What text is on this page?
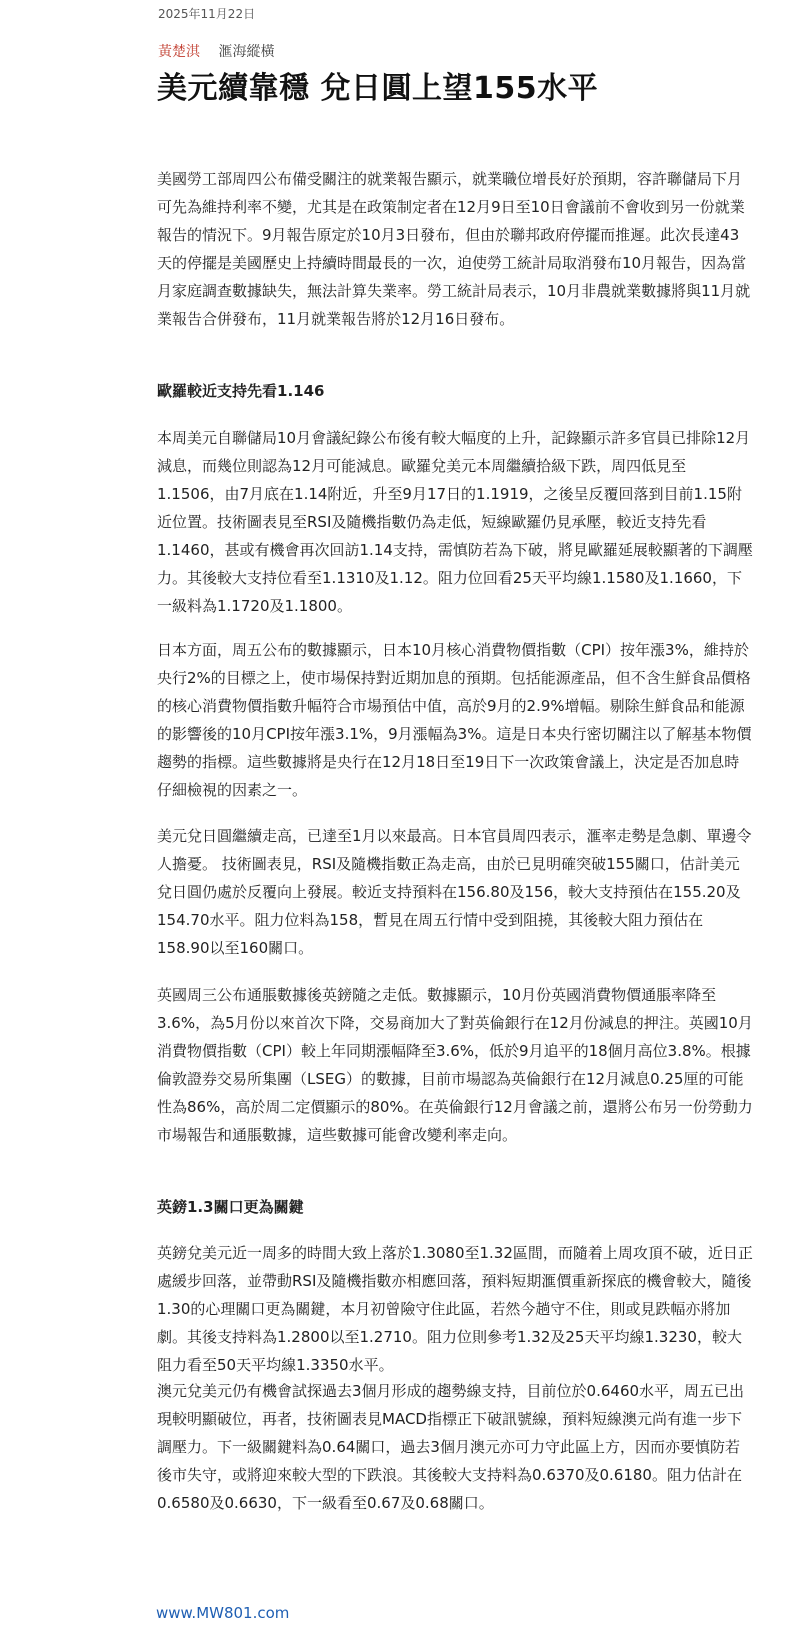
2025年11月22日
黃楚淇 滙海縱橫
美元續靠穩 兌日圓上望155水平

美國勞工部周四公布備受關注的就業報告顯示，就業職位增長好於預期，容許聯儲局下月可先為維持利率不變，尤其是在政策制定者在12月9日至10日會議前不會收到另一份就業報告的情況下。9月報告原定於10月3日發布，但由於聯邦政府停擺而推遲。此次長達43天的停擺是美國歷史上持續時間最長的一次，迫使勞工統計局取消發布10月報告，因為當月家庭調查數據缺失，無法計算失業率。勞工統計局表示，10月非農就業數據將與11月就業報告合併發布，11月就業報告將於12月16日發布。

歐羅較近支持先看1.146

本周美元自聯儲局10月會議紀錄公布後有較大幅度的上升，記錄顯示許多官員已排除12月減息，而幾位則認為12月可能減息。歐羅兌美元本周繼續拾級下跌，周四低見至1.1506，由7月底在1.14附近，升至9月17日的1.1919，之後呈反覆回落到目前1.15附近位置。技術圖表見至RSI及隨機指數仍為走低，短線歐羅仍見承壓，較近支持先看1.1460，甚或有機會再次回訪1.14支持，需慎防若為下破，將見歐羅延展較顯著的下調壓力。其後較大支持位看至1.1310及1.12。阻力位回看25天平均線1.1580及1.1660，下一級料為1.1720及1.1800。

日本方面，周五公布的數據顯示，日本10月核心消費物價指數（CPI）按年漲3%，維持於央行2%的目標之上，使市場保持對近期加息的預期。包括能源產品，但不含生鮮食品價格的核心消費物價指數升幅符合市場預估中值，高於9月的2.9%增幅。剔除生鮮食品和能源的影響後的10月CPI按年漲3.1%，9月漲幅為3%。這是日本央行密切關注以了解基本物價趨勢的指標。這些數據將是央行在12月18日至19日下一次政策會議上，決定是否加息時仔細檢視的因素之一。

美元兌日圓繼續走高，已達至1月以來最高。日本官員周四表示，滙率走勢是急劇、單邊令人擔憂。 技術圖表見，RSI及隨機指數正為走高，由於已見明確突破155關口，估計美元兌日圓仍處於反覆向上發展。較近支持預料在156.80及156，較大支持預估在155.20及154.70水平。阻力位料為158，暫見在周五行情中受到阻撓，其後較大阻力預估在158.90以至160關口。

英國周三公布通脹數據後英鎊隨之走低。數據顯示，10月份英國消費物價通脹率降至3.6%，為5月份以來首次下降，交易商加大了對英倫銀行在12月份減息的押注。英國10月消費物價指數（CPI）較上年同期漲幅降至3.6%，低於9月追平的18個月高位3.8%。根據倫敦證券交易所集團（LSEG）的數據，目前市場認為英倫銀行在12月減息0.25厘的可能性為86%，高於周二定價顯示的80%。在英倫銀行12月會議之前，還將公布另一份勞動力市場報告和通脹數據，這些數據可能會改變利率走向。

英鎊1.3關口更為關鍵

英鎊兌美元近一周多的時間大致上落於1.3080至1.32區間，而隨着上周攻頂不破，近日正處緩步回落，並帶動RSI及隨機指數亦相應回落，預料短期滙價重新探底的機會較大，隨後1.30的心理關口更為關鍵，本月初曾險守住此區，若然今趟守不住，則或見跌幅亦將加劇。其後支持料為1.2800以至1.2710。阻力位則參考1.32及25天平均線1.3230，較大阻力看至50天平均線1.3350水平。

澳元兌美元仍有機會試探過去3個月形成的趨勢線支持，目前位於0.6460水平，周五已出現較明顯破位，再者，技術圖表見MACD指標正下破訊號線，預料短線澳元尚有進一步下調壓力。下一級關鍵料為0.64關口，過去3個月澳元亦可力守此區上方，因而亦要慎防若後市失守，或將迎來較大型的下跌浪。其後較大支持料為0.6370及0.6180。阻力估計在0.6580及0.6630，下一級看至0.67及0.68關口。

www.MW801.com
